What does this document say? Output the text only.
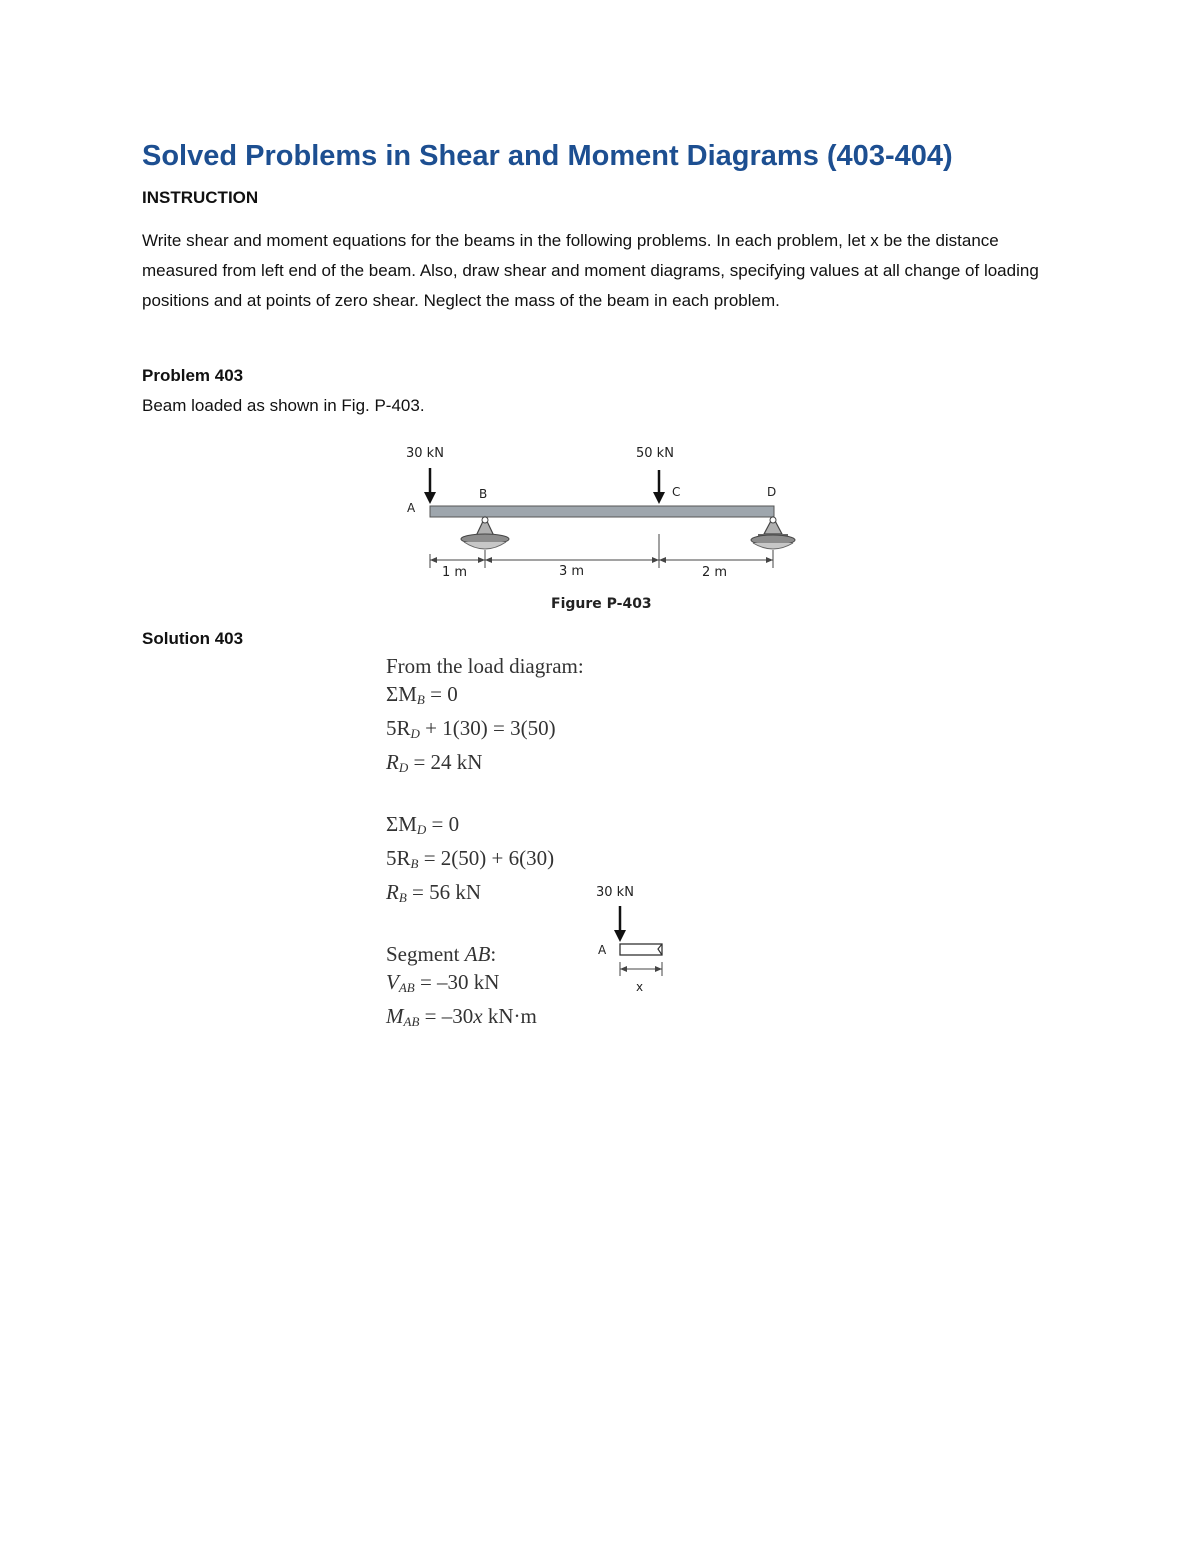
Solved Problems in Shear and Moment Diagrams (403-404)
INSTRUCTION
Write shear and moment equations for the beams in the following problems. In each problem, let x be the distance measured from left end of the beam. Also, draw shear and moment diagrams, specifying values at all change of loading positions and at points of zero shear. Neglect the mass of the beam in each problem.
Problem 403
Beam loaded as shown in Fig. P-403.
30 kN
A
50 kN
C
B	D
1 m	3 m	2 m
Figure P-403
Solution 403
From the load diagram:
$\Sigma M_B = 0$
$5R_D + 1(30) = 3(50)$
$R_D = 24$ kN
$\Sigma M_D = 0$
$5R_B = 2(50) + 6(30)$
$R_B = 56$ kN
Segment AB:
$V_{AB} = -30$ kN
$M_{AB} = -30x$ kN·m
30 kN
A
x
